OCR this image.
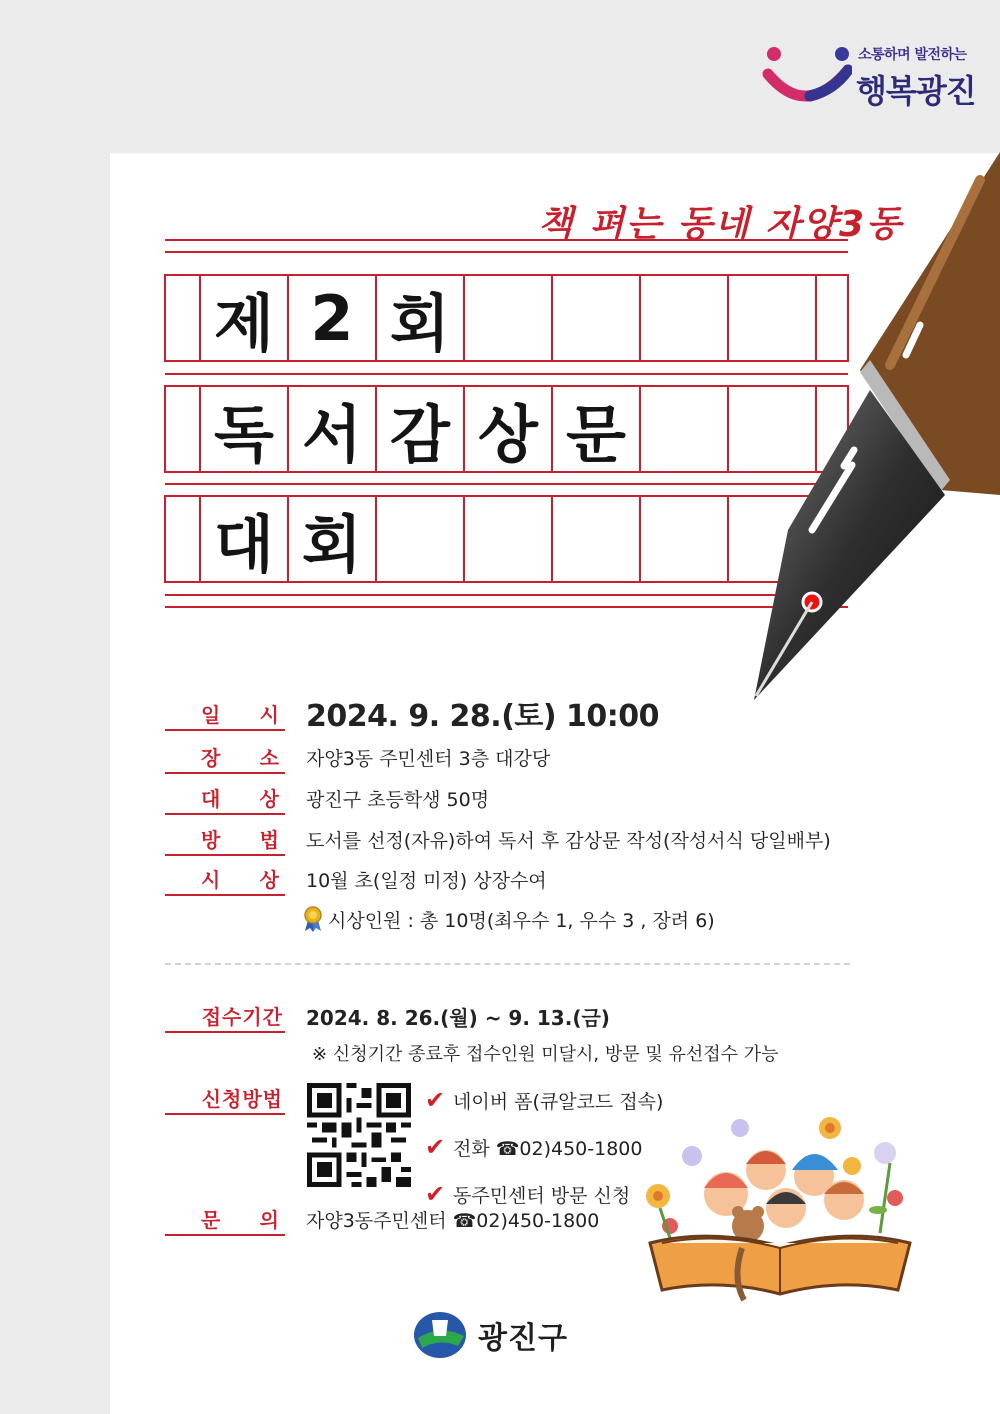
소통하며 발전하는
행복광진
책 펴는 동네 자양3동
제 2 회
독 서 감 상 문
대 회
일 시 2024. 9. 28.(토) 10:00
장 소 자양3동 주민센터 3층 대강당
대 상 광진구 초등학생 50명
방 법 도서를 선정(자유)하여 독서 후 감상문 작성(작성서식 당일배부)
시 상 10월 초(일정 미정) 상장수여
시상인원 : 총 10명(최우수 1, 우수 3 , 장려 6)
접수기간 2024. 8. 26.(월) ~ 9. 13.(금)
※ 신청기간 종료후 접수인원 미달시, 방문 및 유선접수 가능
신청방법	✔ 네이버 폼(큐알코드 접속)
✔ 전화 ☎02)450-1800
✔ 동주민센터 방문 신청
문 의 자양3동주민센터 ☎02)450-1800
광진구
